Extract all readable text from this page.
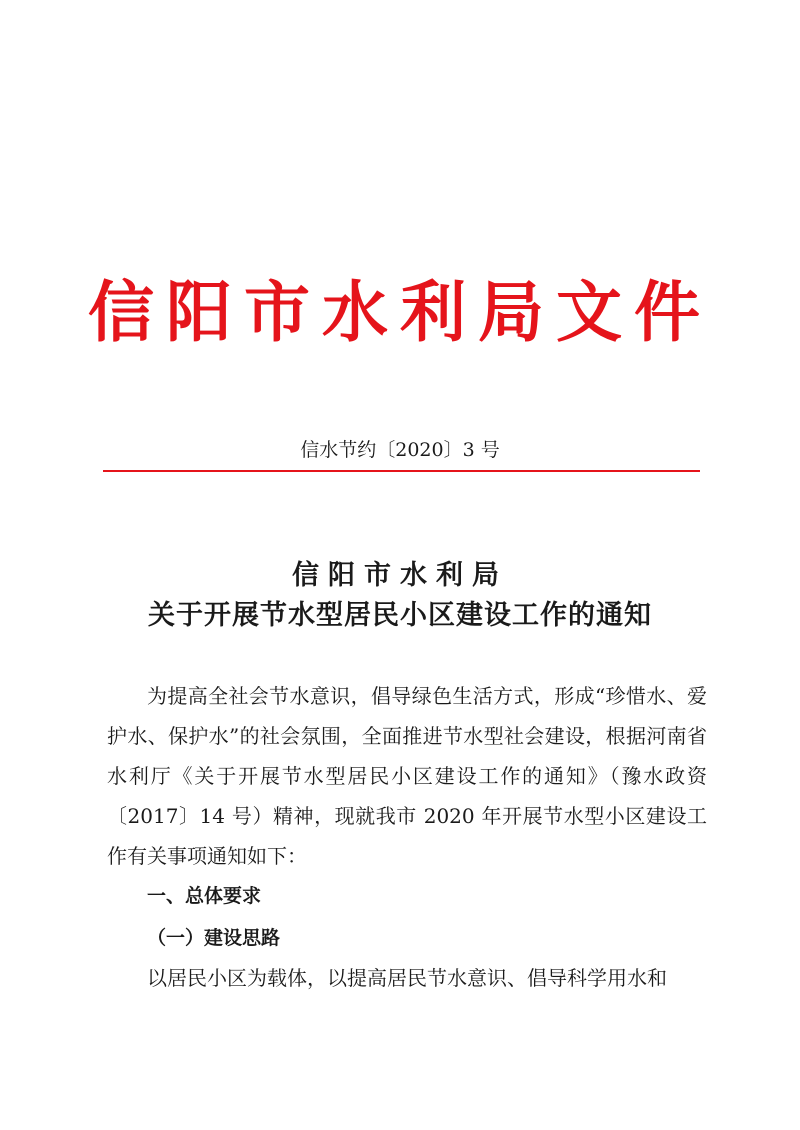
信阳市水利局文件
信水节约〔2020〕3 号
信阳市水利局
关于开展节水型居民小区建设工作的通知

为提高全社会节水意识，倡导绿色生活方式，形成“珍惜水、爱护水、保护水”的社会氛围，全面推进节水型社会建设，根据河南省水利厅《关于开展节水型居民小区建设工作的通知》（豫水政资〔2017〕14 号）精神，现就我市 2020 年开展节水型小区建设工作有关事项通知如下：

一、总体要求
（一）建设思路
以居民小区为载体，以提高居民节水意识、倡导科学用水和
